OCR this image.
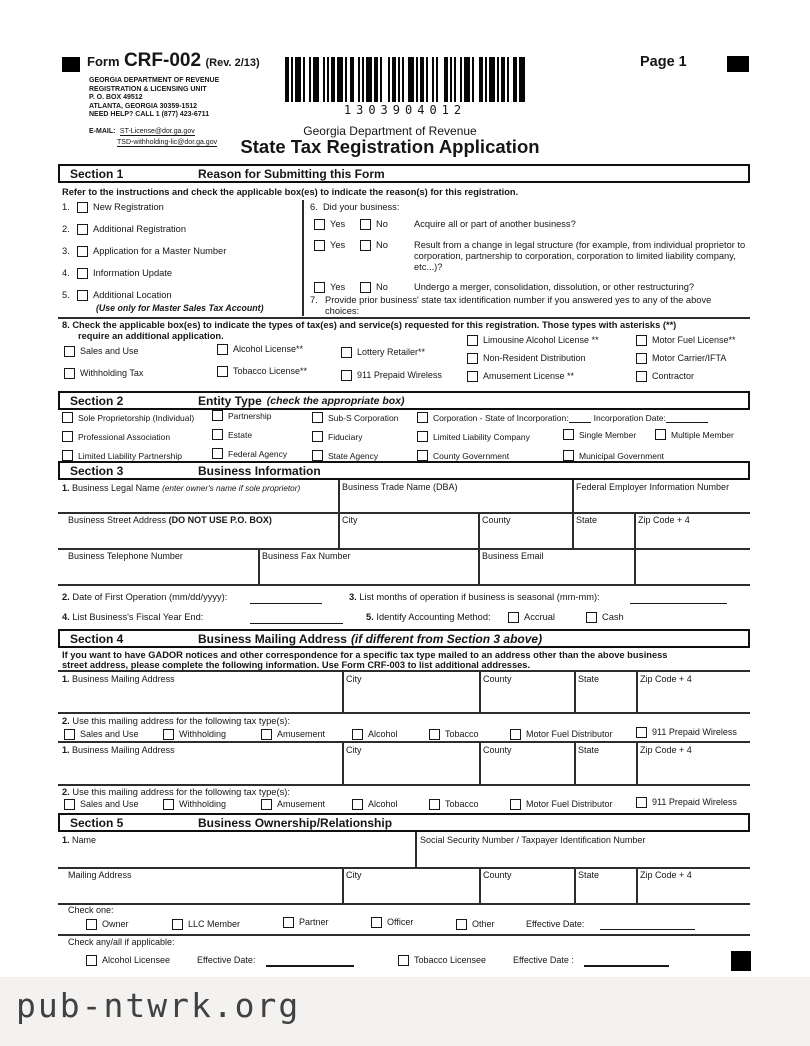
Form CRF-002 (Rev. 2/13)
GEORGIA DEPARTMENT OF REVENUE
REGISTRATION & LICENSING UNIT
P. O. BOX 49512
ATLANTA, GEORGIA 30359-1512
NEED HELP? CALL 1 (877) 423-6711
E-MAIL: ST-License@dor.ga.gov
TSD-withholding-lic@dor.ga.gov
1303904012
Page 1
Georgia Department of Revenue
State Tax Registration Application
Section 1	Reason for Submitting this Form
Refer to the instructions and check the applicable box(es) to indicate the reason(s) for this registration.
1.	New Registration
2.	Additional Registration
3.	Application for a Master Number
4.	Information Update
5.	Additional Location
(Use only for Master Sales Tax Account)
6. Did your business:
Yes	No	Acquire all or part of another business?
Yes	No	Result from a change in legal structure (for example, from individual proprietor to corporation, partnership to corporation, corporation to limited liability company, etc...)?
Yes	No	Undergo a merger, consolidation, dissolution, or other restructuring?
7. Provide prior business' state tax identification number if you answered yes to any of the above choices:
8. Check the applicable box(es) to indicate the types of tax(es) and service(s) requested for this registration. Those types with asterisks (**)
require an additional application.
Sales and Use
Withholding Tax
Alcohol License**
Tobacco License**
Lottery Retailer**
911 Prepaid Wireless
Limousine Alcohol License **
Non-Resident Distribution
Amusement License **
Motor Fuel License**
Motor Carrier/IFTA
Contractor
Section 2	Entity Type (check the appropriate box)
Sole Proprietorship (Individual)	Partnership	Sub-S Corporation	Corporation - State of Incorporation:	Incorporation Date:
Professional Association	Estate	Fiduciary	Limited Liability Company	Single Member	Multiple Member
Limited Liability Partnership	Federal Agency	State Agency	County Government	Municipal Government
Section 3	Business Information
1. Business Legal Name (enter owner's name if sole proprietor)	Business Trade Name (DBA)	Federal Employer Information Number
Business Street Address (DO NOT USE P.O. BOX)	City	County	State	Zip Code + 4
Business Telephone Number	Business Fax Number	Business Email
2. Date of First Operation (mm/dd/yyyy):	3. List months of operation if business is seasonal (mm-mm):
4. List Business's Fiscal Year End:	5. Identify Accounting Method:	Accrual	Cash
Section 4	Business Mailing Address (if different from Section 3 above)
If you want to have GADOR notices and other correspondence for a specific tax type mailed to an address other than the above business
street address, please complete the following information. Use Form CRF-003 to list additional addresses.
1. Business Mailing Address	City	County	State	Zip Code + 4
2. Use this mailing address for the following tax type(s):
Sales and Use	Withholding	Amusement	Alcohol	Tobacco	Motor Fuel Distributor	911 Prepaid Wireless
1. Business Mailing Address	City	County	State	Zip Code + 4
2. Use this mailing address for the following tax type(s):
Sales and Use	Withholding	Amusement	Alcohol	Tobacco	Motor Fuel Distributor	911 Prepaid Wireless
Section 5	Business Ownership/Relationship
1. Name	Social Security Number / Taxpayer Identification Number
Mailing Address	City	County	State	Zip Code + 4
Check one:
Owner	LLC Member	Partner	Officer	Other	Effective Date:
Check any/all if applicable:
Alcohol Licensee	Effective Date:	Tobacco Licensee	Effective Date :
pub-ntwrk.org
